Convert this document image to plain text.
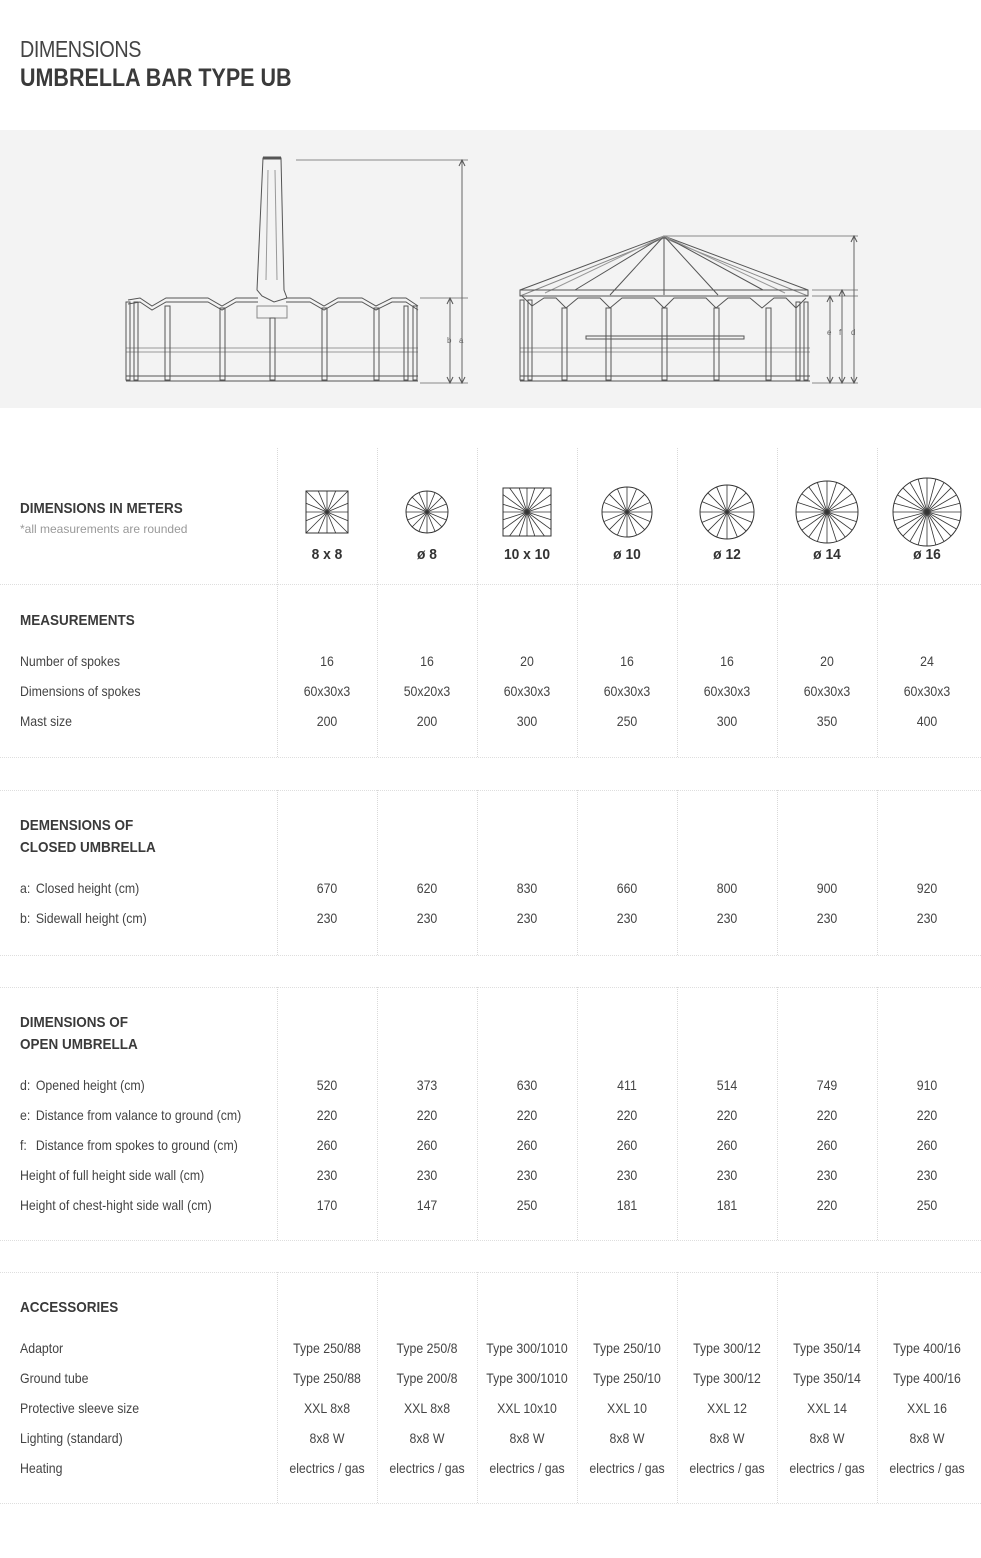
DIMENSIONS
UMBRELLA BAR TYPE UB
b a
e f d
DIMENSIONS IN METERS
*all measurements are rounded
8 x 8	ø 8	10 x 10	ø 10	ø 12	ø 14	ø 16
MEASUREMENTS
Number of spokes	16	16	20	16	16	20	24
Dimensions of spokes	60x30x3	50x20x3	60x30x3	60x30x3	60x30x3	60x30x3	60x30x3
Mast size	200	200	300	250	300	350	400
DEMENSIONS OF
CLOSED UMBRELLA
a: Closed height (cm)	670	620	830	660	800	900	920
b: Sidewall height (cm)	230	230	230	230	230	230	230
DIMENSIONS OF
OPEN UMBRELLA
d: Opened height (cm)	520	373	630	411	514	749	910
e: Distance from valance to ground (cm)	220	220	220	220	220	220	220
f: Distance from spokes to ground (cm)	260	260	260	260	260	260	260
Height of full height side wall (cm)	230	230	230	230	230	230	230
Height of chest-hight side wall (cm)	170	147	250	181	181	220	250
ACCESSORIES
Adaptor	Type 250/88	Type 250/8	Type 300/1010	Type 250/10	Type 300/12	Type 350/14	Type 400/16
Ground tube	Type 250/88	Type 200/8	Type 300/1010	Type 250/10	Type 300/12	Type 350/14	Type 400/16
Protective sleeve size	XXL 8x8	XXL 8x8	XXL 10x10	XXL 10	XXL 12	XXL 14	XXL 16
Lighting (standard)	8x8 W	8x8 W	8x8 W	8x8 W	8x8 W	8x8 W	8x8 W
Heating	electrics / gas	electrics / gas	electrics / gas	electrics / gas	electrics / gas	electrics / gas	electrics / gas
